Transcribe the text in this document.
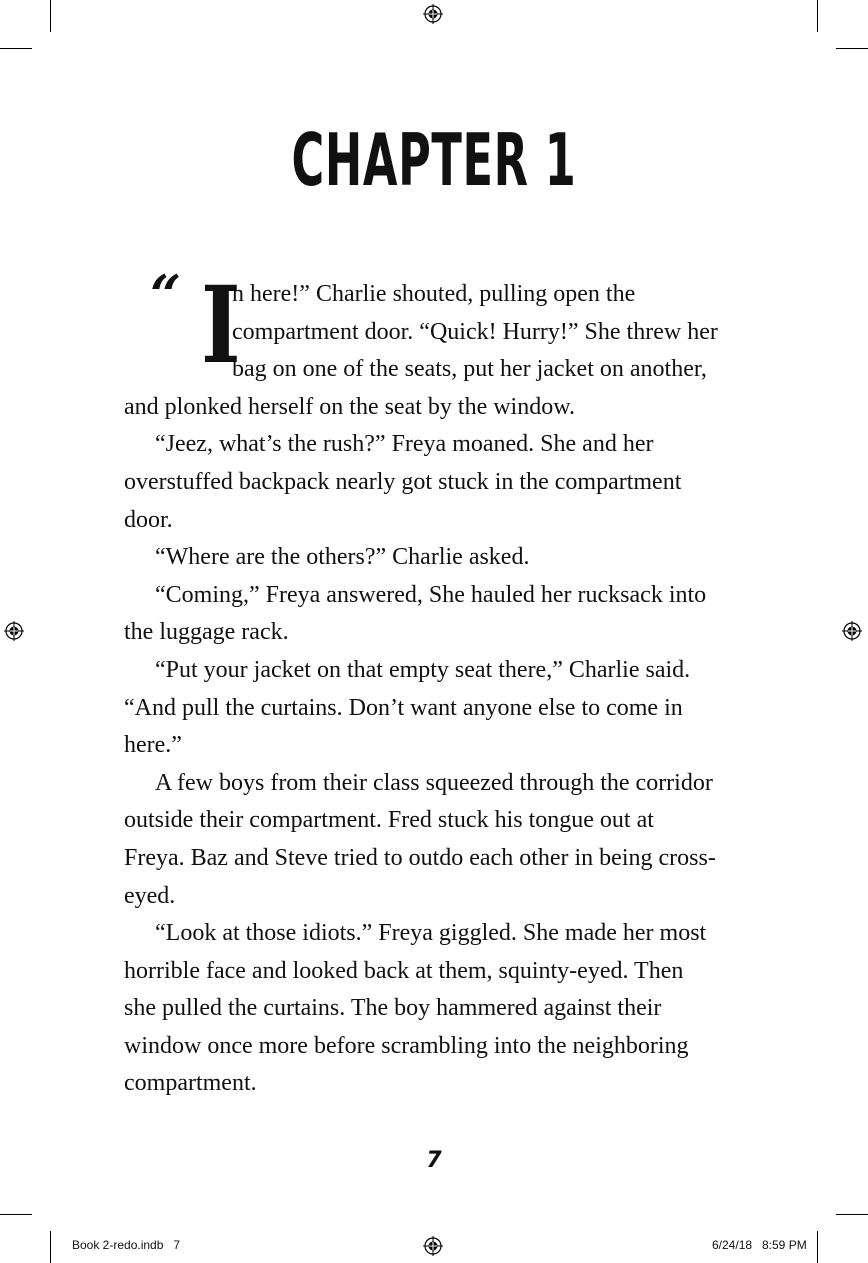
CHAPTER 1
“ I
n here!” Charlie shouted, pulling open the
compartment door. “Quick! Hurry!” She threw her
bag on one of the seats, put her jacket on another,
and plonked herself on the seat by the window.
“Jeez, what’s the rush?” Freya moaned. She and her
overstuffed backpack nearly got stuck in the compartment
door.
“Where are the others?” Charlie asked.
“Coming,” Freya answered, She hauled her rucksack into
the luggage rack.
“Put your jacket on that empty seat there,” Charlie said.
“And pull the curtains. Don’t want anyone else to come in
here.”
A few boys from their class squeezed through the corridor
outside their compartment. Fred stuck his tongue out at
Freya. Baz and Steve tried to outdo each other in being cross-
eyed.
“Look at those idiots.” Freya giggled. She made her most
horrible face and looked back at them, squinty-eyed. Then
she pulled the curtains. The boy hammered against their
window once more before scrambling into the neighboring
compartment.
7
Book 2-redo.indb   7	6/24/18 8:59 PM
